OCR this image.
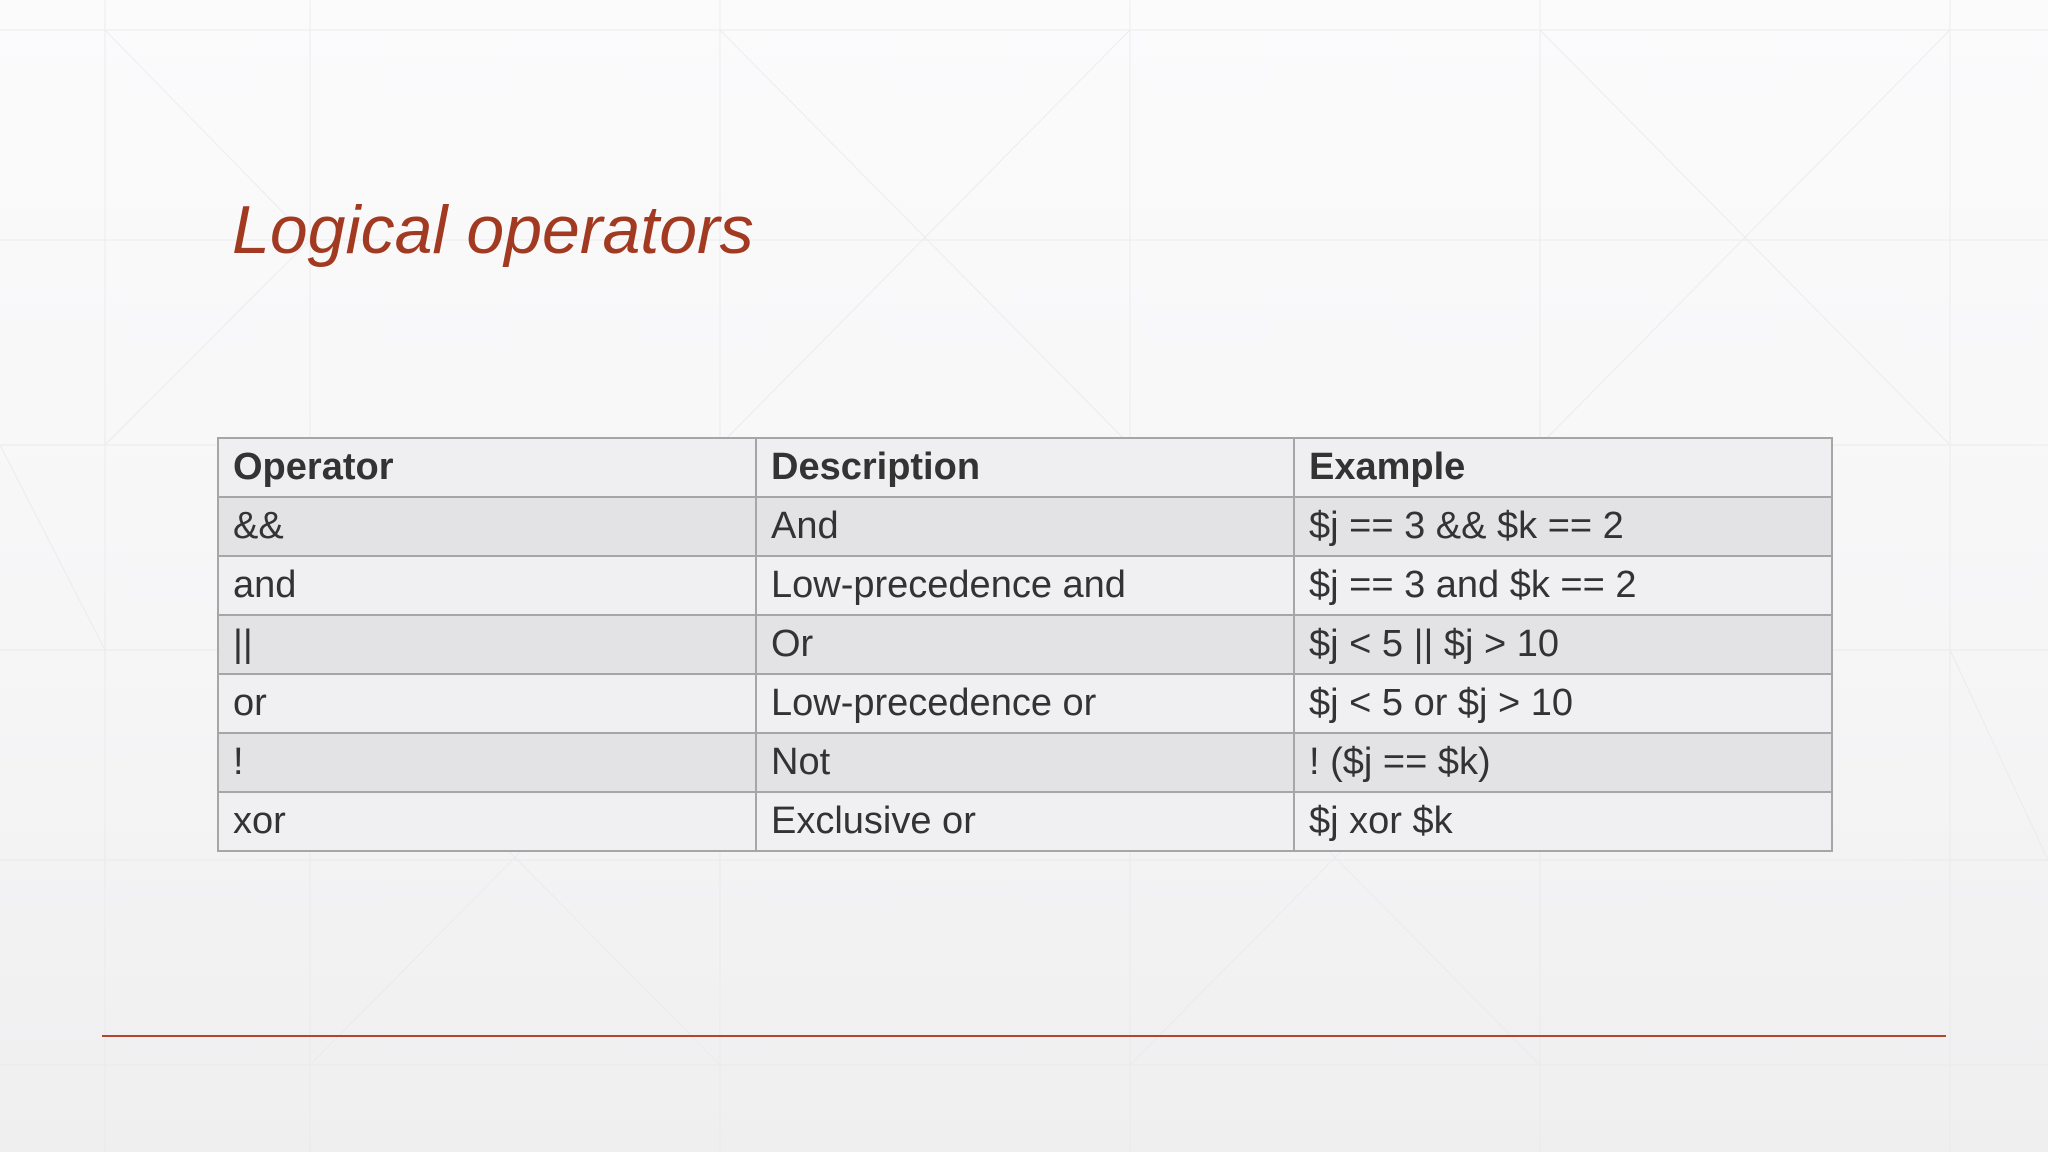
Logical operators
Operator	Description	Example
&&	And	$j == 3 && $k == 2
and	Low-precedence and	$j == 3 and $k == 2
||	Or	$j < 5 || $j > 10
or	Low-precedence or	$j < 5 or $j > 10
!	Not	! ($j == $k)
xor	Exclusive or	$j xor $k
